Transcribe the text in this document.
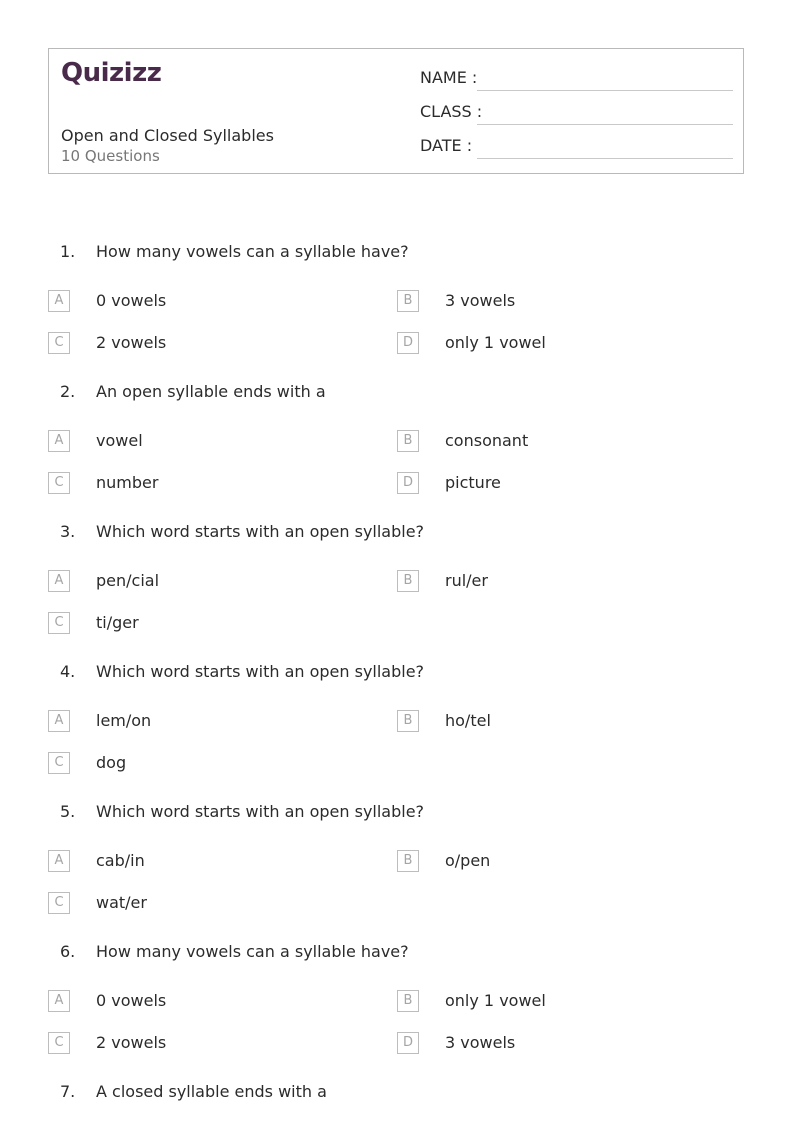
Quizizz
Open and Closed Syllables
10 Questions
NAME :
CLASS :
DATE :
1. How many vowels can a syllable have?
A	0 vowels	B	3 vowels
C	2 vowels	D	only 1 vowel
2. An open syllable ends with a
A	vowel	B	consonant
C	number	D	picture
3. Which word starts with an open syllable?
A	pen/cial	B	rul/er
C	ti/ger
4. Which word starts with an open syllable?
A	lem/on	B	ho/tel
C	dog
5. Which word starts with an open syllable?
A	cab/in	B	o/pen
C	wat/er
6. How many vowels can a syllable have?
A	0 vowels	B	only 1 vowel
C	2 vowels	D	3 vowels
7. A closed syllable ends with a
